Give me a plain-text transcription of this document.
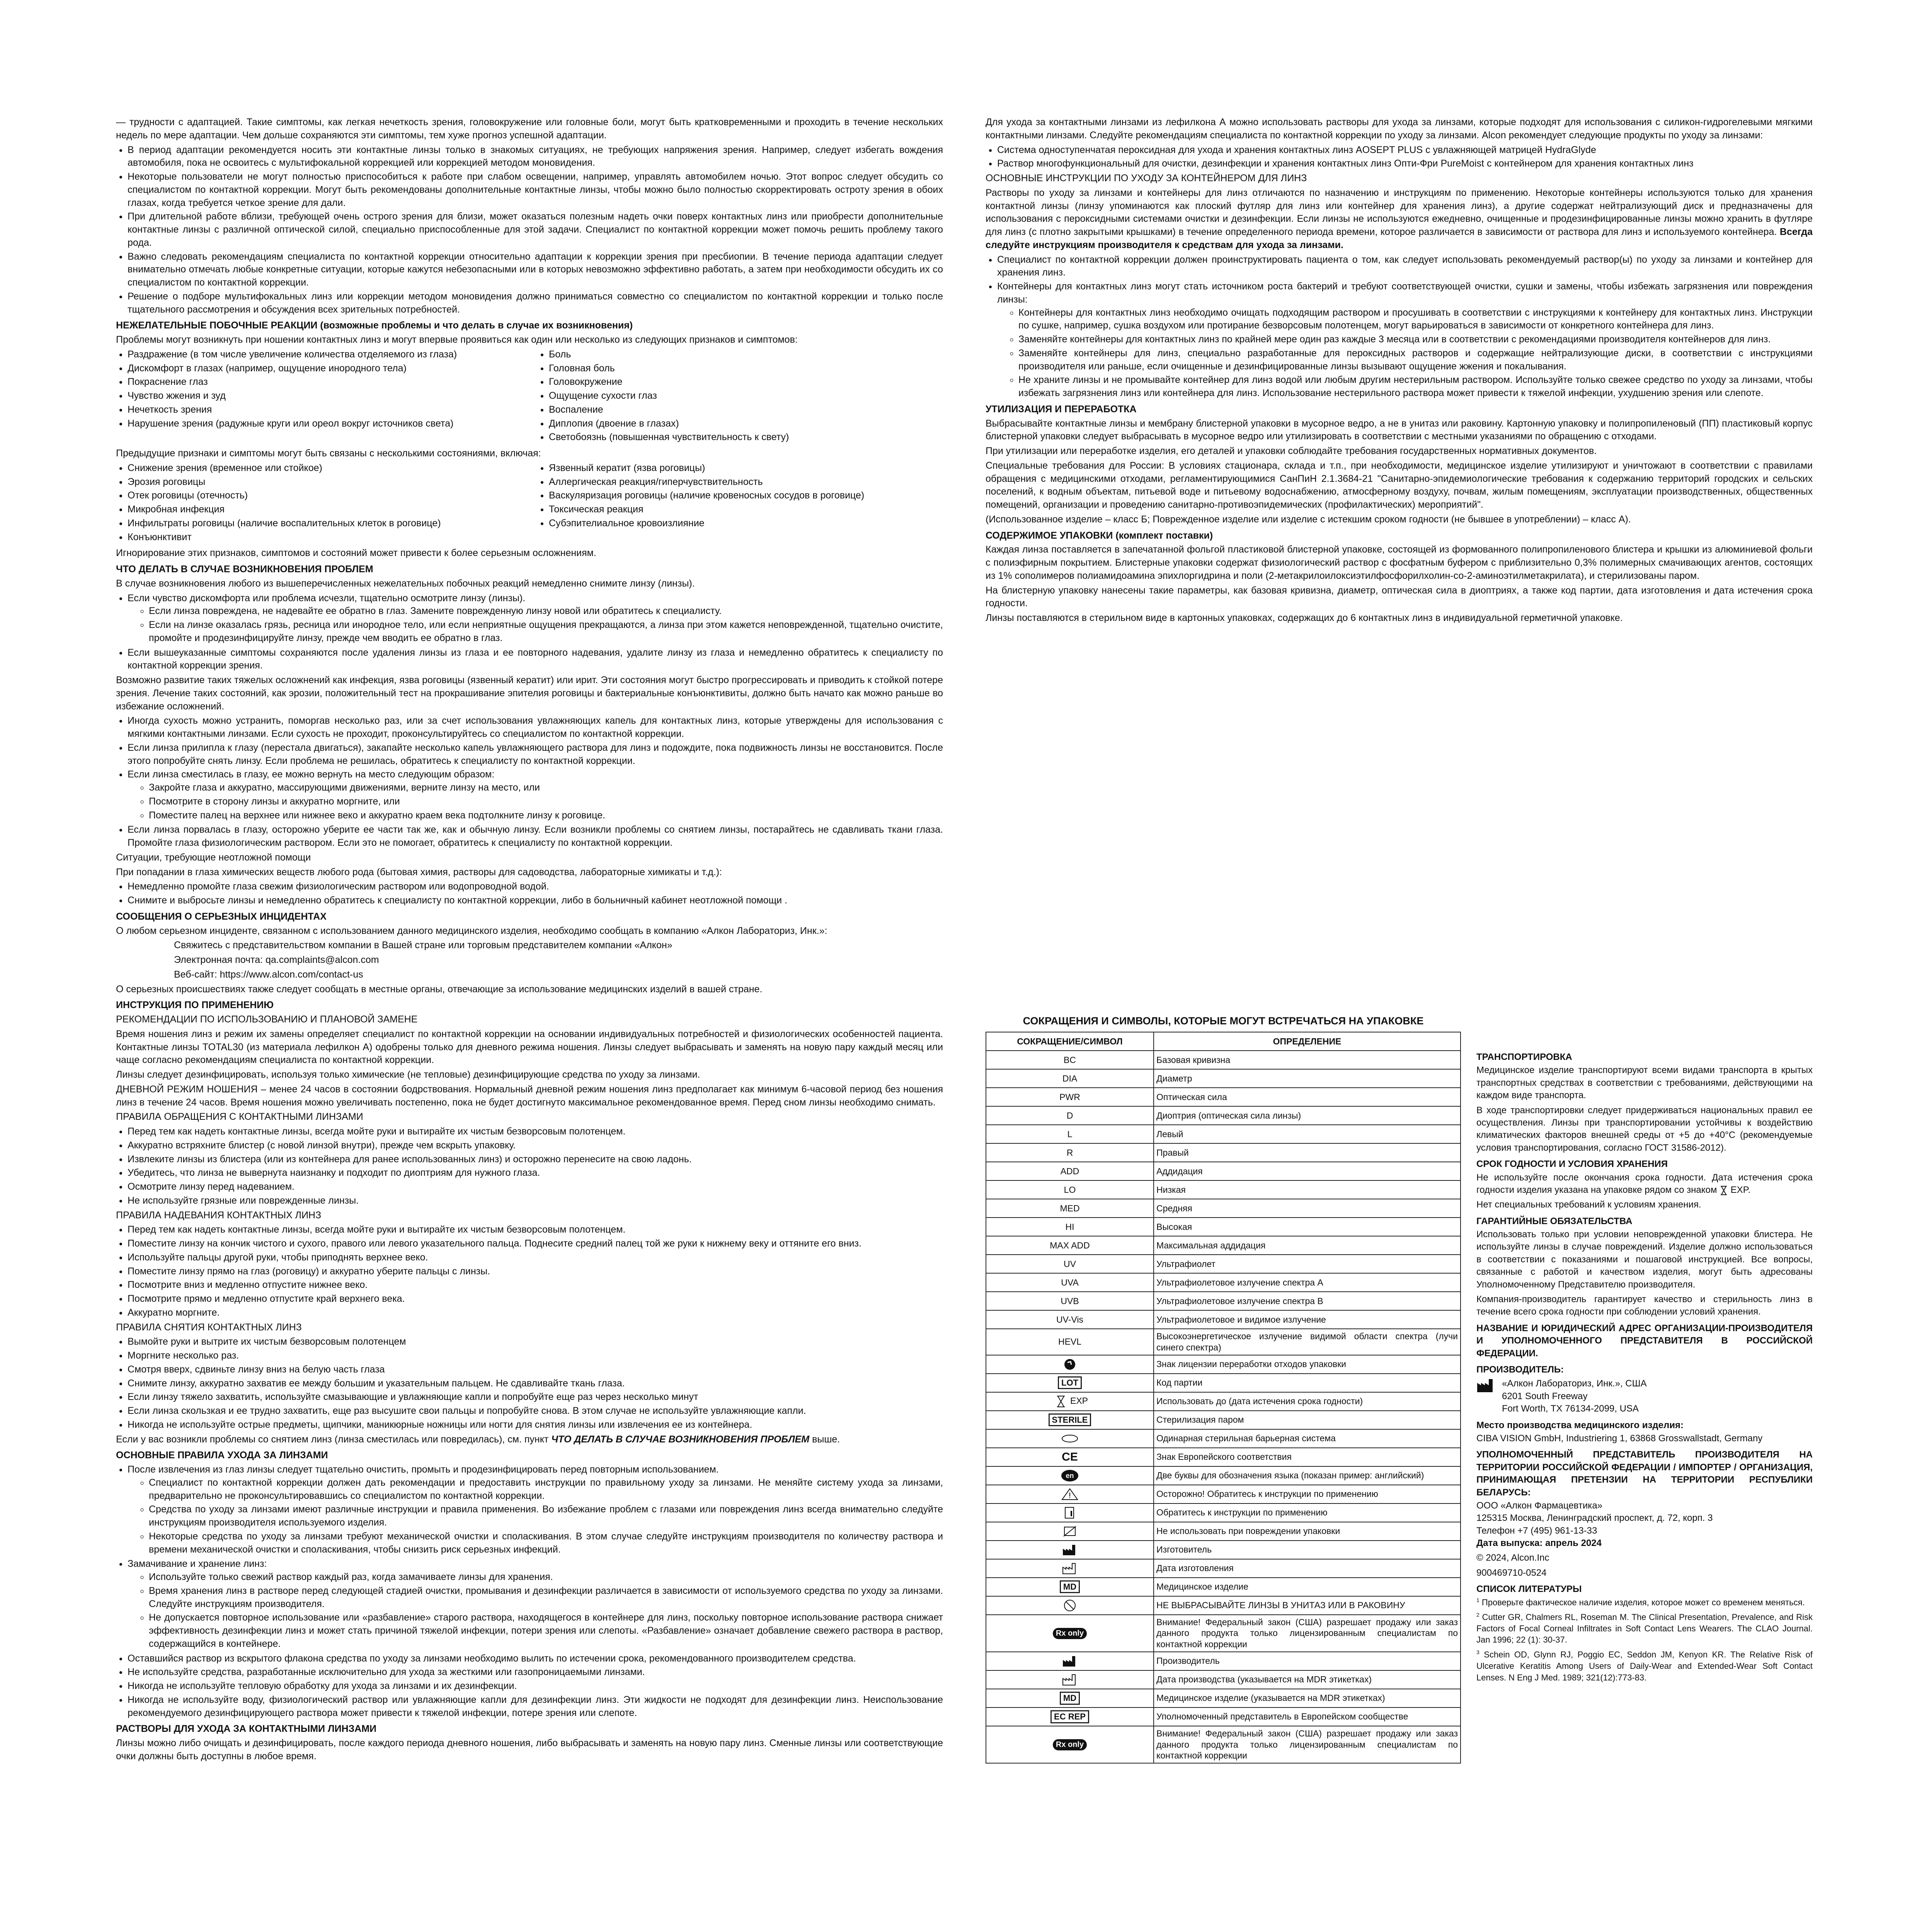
— трудности с адаптацией. Такие симптомы, как легкая нечеткость зрения, головокружение или головные боли, могут быть кратковременными и проходить в течение нескольких недель по мере адаптации. Чем дольше сохраняются эти симптомы, тем хуже прогноз успешной адаптации.

• В период адаптации рекомендуется носить эти контактные линзы только в знакомых ситуациях, не требующих напряжения зрения. Например, следует избегать вождения автомобиля, пока не освоитесь с мультифокальной коррекцией или коррекцией методом моновидения.
• Некоторые пользователи не могут полностью приспособиться к работе при слабом освещении, например, управлять автомобилем ночью. Этот вопрос следует обсудить со специалистом по контактной коррекции. Могут быть рекомендованы дополнительные контактные линзы, чтобы можно было полностью скорректировать остроту зрения в обоих глазах, когда требуется четкое зрение для дали.
• При длительной работе вблизи, требующей очень острого зрения для близи, может оказаться полезным надеть очки поверх контактных линз или приобрести дополнительные контактные линзы с различной оптической силой, специально приспособленные для этой задачи. Специалист по контактной коррекции может помочь решить проблему такого рода.
• Важно следовать рекомендациям специалиста по контактной коррекции относительно адаптации к коррекции зрения при пресбиопии. В течение периода адаптации следует внимательно отмечать любые конкретные ситуации, которые кажутся небезопасными или в которых невозможно эффективно работать, а затем при необходимости обсудить их со специалистом по контактной коррекции.
• Решение о подборе мультифокальных линз или коррекции методом моновидения должно приниматься совместно со специалистом по контактной коррекции и только после тщательного рассмотрения и обсуждения всех зрительных потребностей.
НЕЖЕЛАТЕЛЬНЫЕ ПОБОЧНЫЕ РЕАКЦИИ (возможные проблемы и что делать в случае их возникновения)

Проблемы могут возникнуть при ношении контактных линз и могут впервые проявиться как один или несколько из следующих признаков и симптомов:

• Раздражение (в том числе увеличение количества отделяемого из глаза)
• Дискомфорт в глазах (например, ощущение инородного тела)
• Покраснение глаз
• Чувство жжения и зуд
• Нечеткость зрения
• Нарушение зрения (радужные круги или ореол вокруг источников света)
• Боль
• Головная боль
• Головокружение
• Ощущение сухости глаз
• Воспаление
• Диплопия (двоение в глазах)
• Светобоязнь (повышенная чувствительность к свету)

Предыдущие признаки и симптомы могут быть связаны с несколькими состояниями, включая:

• Снижение зрения (временное или стойкое)
• Эрозия роговицы
• Отек роговицы (отечность)
• Микробная инфекция
• Инфильтраты роговицы (наличие воспалительных клеток в роговице)
• Конъюнктивит
• Язвенный кератит (язва роговицы)
• Аллергическая реакция/гиперчувствительность
• Васкуляризация роговицы (наличие кровеносных сосудов в роговице)
• Токсическая реакция
• Субэпителиальное кровоизлияние

Игнорирование этих признаков, симптомов и состояний может привести к более серьезным осложнениям.

ЧТО ДЕЛАТЬ В СЛУЧАЕ ВОЗНИКНОВЕНИЯ ПРОБЛЕМ

В случае возникновения любого из вышеперечисленных нежелательных побочных реакций немедленно снимите линзу (линзы).

• Если чувство дискомфорта или проблема исчезли, тщательно осмотрите линзу (линзы).
◦ Если линза повреждена, не надевайте ее обратно в глаз. Замените поврежденную линзу новой или обратитесь к специалисту.
◦ Если на линзе оказалась грязь, ресница или инородное тело, или если неприятные ощущения прекращаются, а линза при этом кажется неповрежденной, тщательно очистите, промойте и продезинфицируйте линзу, прежде чем вводить ее обратно в глаз.
• Если вышеуказанные симптомы сохраняются после удаления линзы из глаза и ее повторного надевания, удалите линзу из глаза и немедленно обратитесь к специалисту по контактной коррекции зрения.

Возможно развитие таких тяжелых осложнений как инфекция, язва роговицы (язвенный кератит) или ирит. Эти состояния могут быстро прогрессировать и приводить к стойкой потере зрения. Лечение таких состояний, как эрозии, положительный тест на прокрашивание эпителия роговицы и бактериальные конъюнктивиты, должно быть начато как можно раньше во избежание осложнений.

• Иногда сухость можно устранить, поморгав несколько раз, или за счет использования увлажняющих капель для контактных линз, которые утверждены для использования с мягкими контактными линзами. Если сухость не проходит, проконсультируйтесь со специалистом по контактной коррекции.
• Если линза прилипла к глазу (перестала двигаться), закапайте несколько капель увлажняющего раствора для линз и подождите, пока подвижность линзы не восстановится. После этого попробуйте снять линзу. Если проблема не решилась, обратитесь к специалисту по контактной коррекции.
• Если линза сместилась в глазу, ее можно вернуть на место следующим образом:
◦ Закройте глаза и аккуратно, массирующими движениями, верните линзу на место, или
◦ Посмотрите в сторону линзы и аккуратно моргните, или
◦ Поместите палец на верхнее или нижнее веко и аккуратно краем века подтолкните линзу к роговице.
• Если линза порвалась в глазу, осторожно уберите ее части так же, как и обычную линзу. Если возникли проблемы со снятием линзы, постарайтесь не сдавливать ткани глаза. Промойте глаза физиологическим раствором. Если это не помогает, обратитесь к специалисту по контактной коррекции.

Ситуации, требующие неотложной помощи

При попадании в глаза химических веществ любого рода (бытовая химия, растворы для садоводства, лабораторные химикаты и т.д.):

• Немедленно промойте глаза свежим физиологическим раствором или водопроводной водой.
• Снимите и выбросьте линзы и немедленно обратитесь к специалисту по контактной коррекции, либо в больничный кабинет неотложной помощи .
СООБЩЕНИЯ О СЕРЬЕЗНЫХ ИНЦИДЕНТАХ

О любом серьезном инциденте, связанном с использованием данного медицинского изделия, необходимо сообщать в компанию «Алкон Лабораториз, Инк.»:

Свяжитесь с представительством компании в Вашей стране или торговым представителем компании «Алкон»

Электронная почта: qa.complaints@alcon.com

Веб-сайт: https://www.alcon.com/contact-us

О серьезных происшествиях также следует сообщать в местные органы, отвечающие за использование медицинских изделий в вашей стране.

ИНСТРУКЦИЯ ПО ПРИМЕНЕНИЮ

РЕКОМЕНДАЦИИ ПО ИСПОЛЬЗОВАНИЮ И ПЛАНОВОЙ ЗАМЕНЕ

Время ношения линз и режим их замены определяет специалист по контактной коррекции на основании индивидуальных потребностей и физиологических особенностей пациента. Контактные линзы TOTAL30 (из материала лефилкон А) одобрены только для дневного режима ношения. Линзы следует выбрасывать и заменять на новую пару каждый месяц или чаще согласно рекомендациям специалиста по контактной коррекции.

Линзы следует дезинфицировать, используя только химические (не тепловые) дезинфицирующие средства по уходу за линзами.

ДНЕВНОЙ РЕЖИМ НОШЕНИЯ – менее 24 часов в состоянии бодрствования. Нормальный дневной режим ношения линз предполагает как минимум 6-часовой период без ношения линз в течение 24 часов. Время ношения можно увеличивать постепенно, пока не будет достигнуто максимальное рекомендованное время. Перед сном линзы необходимо снимать.

ПРАВИЛА ОБРАЩЕНИЯ С КОНТАКТНЫМИ ЛИНЗАМИ

• Перед тем как надеть контактные линзы, всегда мойте руки и вытирайте их чистым безворсовым полотенцем.
• Аккуратно встряхните блистер (с новой линзой внутри), прежде чем вскрыть упаковку.
• Извлеките линзы из блистера (или из контейнера для ранее использованных линз) и осторожно перенесите на свою ладонь.
• Убедитесь, что линза не вывернута наизнанку и подходит по диоптриям для нужного глаза.
• Осмотрите линзу перед надеванием.
• Не используйте грязные или поврежденные линзы.

ПРАВИЛА НАДЕВАНИЯ КОНТАКТНЫХ ЛИНЗ

• Перед тем как надеть контактные линзы, всегда мойте руки и вытирайте их чистым безворсовым полотенцем.
• Поместите линзу на кончик чистого и сухого, правого или левого указательного пальца. Поднесите средний палец той же руки к нижнему веку и оттяните его вниз.
• Используйте пальцы другой руки, чтобы приподнять верхнее веко.
• Поместите линзу прямо на глаз (роговицу) и аккуратно уберите пальцы с линзы.
• Посмотрите вниз и медленно отпустите нижнее веко.
• Посмотрите прямо и медленно отпустите край верхнего века.
• Аккуратно моргните.

ПРАВИЛА СНЯТИЯ КОНТАКТНЫХ ЛИНЗ

• Вымойте руки и вытрите их чистым безворсовым полотенцем
• Моргните несколько раз.
• Смотря вверх, сдвиньте линзу вниз на белую часть глаза
• Снимите линзу, аккуратно захватив ее между большим и указательным пальцем. Не сдавливайте ткань глаза.
• Если линзу тяжело захватить, используйте смазывающие и увлажняющие капли и попробуйте еще раз через несколько минут
• Если линза скользкая и ее трудно захватить, еще раз высушите свои пальцы и попробуйте снова. В этом случае не используйте увлажняющие капли.
• Никогда не используйте острые предметы, щипчики, маникюрные ножницы или ногти для снятия линзы или извлечения ее из контейнера.

Если у вас возникли проблемы со снятием линз (линза сместилась или повредилась), см. пункт ЧТО ДЕЛАТЬ В СЛУЧАЕ ВОЗНИКНОВЕНИЯ ПРОБЛЕМ выше.

ОСНОВНЫЕ ПРАВИЛА УХОДА ЗА ЛИНЗАМИ
• После извлечения из глаз линзы следует тщательно очистить, промыть и продезинфицировать перед повторным использованием.
◦ Специалист по контактной коррекции должен дать рекомендации и предоставить инструкции по правильному уходу за линзами. Не меняйте систему ухода за линзами, предварительно не проконсультировавшись со специалистом по контактной коррекции.
◦ Средства по уходу за линзами имеют различные инструкции и правила применения. Во избежание проблем с глазами или повреждения линз всегда внимательно следуйте инструкциям производителя используемого изделия.
◦ Некоторые средства по уходу за линзами требуют механической очистки и споласкивания. В этом случае следуйте инструкциям производителя по количеству раствора и времени механической очистки и споласкивания, чтобы снизить риск серьезных инфекций.
• Замачивание и хранение линз:
◦ Используйте только свежий раствор каждый раз, когда замачиваете линзы для хранения.
◦ Время хранения линз в растворе перед следующей стадией очистки, промывания и дезинфекции различается в зависимости от используемого средства по уходу за линзами. Следуйте инструкциям производителя.
◦ Не допускается повторное использование или «разбавление» старого раствора, находящегося в контейнере для линз, поскольку повторное использование раствора снижает эффективность дезинфекции линз и может стать причиной тяжелой инфекции, потери зрения или слепоты. «Разбавление» означает добавление свежего раствора в раствор, содержащийся в контейнере.
• Оставшийся раствор из вскрытого флакона средства по уходу за линзами необходимо вылить по истечении срока, рекомендованного производителем средства.
• Не используйте средства, разработанные исключительно для ухода за жесткими или газопроницаемыми линзами.
• Никогда не используйте тепловую обработку для ухода за линзами и их дезинфекции.
• Никогда не используйте воду, физиологический раствор или увлажняющие капли для дезинфекции линз. Эти жидкости не подходят для дезинфекции линз. Неиспользование рекомендуемого дезинфицирующего раствора может привести к тяжелой инфекции, потере зрения или слепоте.
РАСТВОРЫ ДЛЯ УХОДА ЗА КОНТАКТНЫМИ ЛИНЗАМИ

Линзы можно либо очищать и дезинфицировать, после каждого периода дневного ношения, либо выбрасывать и заменять на новую пару линз. Сменные линзы или соответствующие очки должны быть доступны в любое время.

Для ухода за контактными линзами из лефилкона А можно использовать растворы для ухода за линзами, которые подходят для использования с силикон-гидрогелевыми мягкими контактными линзами. Следуйте рекомендациям специалиста по контактной коррекции по уходу за линзами. Alcon рекомендует следующие продукты по уходу за линзами:

• Система одноступенчатая пероксидная для ухода и хранения контактных линз AOSEPT PLUS с увлажняющей матрицей HydraGlyde
• Раствор многофункциональный для очистки, дезинфекции и хранения контактных линз Опти-Фри PureMoist с контейнером для хранения контактных линз

ОСНОВНЫЕ ИНСТРУКЦИИ ПО УХОДУ ЗА КОНТЕЙНЕРОМ ДЛЯ ЛИНЗ

Растворы по уходу за линзами и контейнеры для линз отличаются по назначению и инструкциям по применению. Некоторые контейнеры используются только для хранения контактной линзы (линзу упоминаются как плоский футляр для линз или контейнер для хранения линз), а другие содержат нейтрализующий диск и предназначены для использования с пероксидными системами очистки и дезинфекции. Если линзы не используются ежедневно, очищенные и продезинфицированные линзы можно хранить в футляре для линз (с плотно закрытыми крышками) в течение определенного периода времени, которое различается в зависимости от раствора для линз и используемого контейнера. Всегда следуйте инструкциям производителя к средствам для ухода за линзами.

• Специалист по контактной коррекции должен проинструктировать пациента о том, как следует использовать рекомендуемый раствор(ы) по уходу за линзами и контейнер для хранения линз.
• Контейнеры для контактных линз могут стать источником роста бактерий и требуют соответствующей очистки, сушки и замены, чтобы избежать загрязнения или повреждения линзы:
◦ Контейнеры для контактных линз необходимо очищать подходящим раствором и просушивать в соответствии с инструкциями к контейнеру для контактных линз. Инструкции по сушке, например, сушка воздухом или протирание безворсовым полотенцем, могут варьироваться в зависимости от конкретного контейнера для линз.
◦ Заменяйте контейнеры для контактных линз по крайней мере один раз каждые 3 месяца или в соответствии с рекомендациями производителя контейнеров для линз.
◦ Заменяйте контейнеры для линз, специально разработанные для пероксидных растворов и содержащие нейтрализующие диски, в соответствии с инструкциями производителя или раньше, если очищенные и дезинфицированные линзы вызывают ощущение жжения и покалывания.
◦ Не храните линзы и не промывайте контейнер для линз водой или любым другим нестерильным раствором. Используйте только свежее средство по уходу за линзами, чтобы избежать загрязнения линз или контейнера для линз. Использование нестерильного раствора может привести к тяжелой инфекции, ухудшению зрения или слепоте.
УТИЛИЗАЦИЯ И ПЕРЕРАБОТКА

Выбрасывайте контактные линзы и мембрану блистерной упаковки в мусорное ведро, а не в унитаз или раковину. Картонную упаковку и полипропиленовый (ПП) пластиковый корпус блистерной упаковки следует выбрасывать в мусорное ведро или утилизировать в соответствии с местными указаниями по обращению с отходами.

При утилизации или переработке изделия, его деталей и упаковки соблюдайте требования государственных нормативных документов.

Специальные требования для России: В условиях стационара, склада и т.п., при необходимости, медицинское изделие утилизируют и уничтожают в соответствии с правилами обращения с медицинскими отходами, регламентирующимися СанПиН 2.1.3684-21 "Санитарно-эпидемиологические требования к содержанию территорий городских и сельских поселений, к водным объектам, питьевой воде и питьевому водоснабжению, атмосферному воздуху, почвам, жилым помещениям, эксплуатации производственных, общественных помещений, организации и проведению санитарно-противоэпидемических (профилактических) мероприятий".

(Использованное изделие – класс Б; Поврежденное изделие или изделие с истекшим сроком годности (не бывшее в употреблении) – класс А).

СОДЕРЖИМОЕ УПАКОВКИ (комплект поставки)

Каждая линза поставляется в запечатанной фольгой пластиковой блистерной упаковке, состоящей из формованного полипропиленового блистера и крышки из алюминиевой фольги с полиэфирным покрытием. Блистерные упаковки содержат физиологический раствор с фосфатным буфером с приблизительно 0,3% полимерных смачивающих агентов, состоящих из 1% сополимеров полиамидоамина эпихлоргидрина и поли (2-метакрилоилоксиэтилфосфорилхолин-со-2-аминоэтилметакрилата), и стерилизованы паром.

На блистерную упаковку нанесены такие параметры, как базовая кривизна, диаметр, оптическая сила в диоптриях, а также код партии, дата изготовления и дата истечения срока годности.

Линзы поставляются в стерильном виде в картонных упаковках, содержащих до 6 контактных линз в индивидуальной герметичной упаковке.

СОКРАЩЕНИЯ И СИМВОЛЫ, КОТОРЫЕ МОГУТ ВСТРЕЧАТЬСЯ НА УПАКОВКЕ
СОКРАЩЕНИЕ/СИМВОЛ	ОПРЕДЕЛЕНИЕ
BC	Базовая кривизна
DIA	Диаметр
PWR	Оптическая сила
D	Диоптрия (оптическая сила линзы)
L	Левый
R	Правый
ADD	Аддидация
LO	Низкая
MED	Средняя
HI	Высокая
MAX ADD	Максимальная аддидация
UV	Ультрафиолет
UVA	Ультрафиолетовое излучение спектра А
UVB	Ультрафиолетовое излучение спектра В
UV-Vis	Ультрафиолетовое и видимое излучение
HEVL	Высокоэнергетическое излучение видимой области спектра (лучи синего спектра)
	Знак лицензии переработки отходов упаковки
LOT	Код партии
EXP	Использовать до (дата истечения срока годности)
STERILE	Стерилизация паром
	Одинарная стерильная барьерная система
CE	Знак Европейского соответствия
en	Две буквы для обозначения языка (показан пример: английский)
	Осторожно! Обратитесь к инструкции по применению
	Обратитесь к инструкции по применению
	Не использовать при повреждении упаковки
	Изготовитель
	Дата изготовления
MD	Медицинское изделие
	НЕ ВЫБРАСЫВАЙТЕ ЛИНЗЫ В УНИТАЗ ИЛИ В РАКОВИНУ
Rx only	Внимание! Федеральный закон (США) разрешает продажу или заказ данного продукта только лицензированным специалистам по контактной коррекции
	Производитель
	Дата производства (указывается на MDR этикетках)
MD	Медицинское изделие (указывается на MDR этикетках)
EC REP	Уполномоченный представитель в Европейском сообществе
Rx only	Внимание! Федеральный закон (США) разрешает продажу или заказ данного продукта только лицензированным специалистам по контактной коррекции
ТРАНСПОРТИРОВКА

Медицинское изделие транспортируют всеми видами транспорта в крытых транспортных средствах в соответствии с требованиями, действующими на каждом виде транспорта.

В ходе транспортировки следует придерживаться национальных правил ее осуществления. Линзы при транспортировании устойчивы к воздействию климатических факторов внешней среды от +5 до +40°С (рекомендуемые условия транспортирования, согласно ГОСТ 31586-2012).

СРОК ГОДНОСТИ И УСЛОВИЯ ХРАНЕНИЯ

Не используйте после окончания срока годности. Дата истечения срока годности изделия указана на упаковке рядом со знаком EXP.

Нет специальных требований к условиям хранения.

ГАРАНТИЙНЫЕ ОБЯЗАТЕЛЬСТВА

Использовать только при условии неповрежденной упаковки блистера. Не используйте линзы в случае повреждений. Изделие должно использоваться в соответствии с показаниями и пошаговой инструкцией. Все вопросы, связанные с работой и качеством изделия, могут быть адресованы Уполномоченному Представителю производителя.

Компания-производитель гарантирует качество и стерильность линз в течение всего срока годности при соблюдении условий хранения.

НАЗВАНИЕ И ЮРИДИЧЕСКИЙ АДРЕС ОРГАНИЗАЦИИ-ПРОИЗВОДИТЕЛЯ И УПОЛНОМОЧЕННОГО ПРЕДСТАВИТЕЛЯ В РОССИЙСКОЙ ФЕДЕРАЦИИ.
ПРОИЗВОДИТЕЛЬ:
«Алкон Лабораториз, Инк.», США
6201 South Freeway
Fort Worth, TX 76134-2099, USA
Место производства медицинского изделия:

CIBA VISION GmbH, Industriering 1, 63868 Grosswallstadt, Germany

УПОЛНОМОЧЕННЫЙ ПРЕДСТАВИТЕЛЬ ПРОИЗВОДИТЕЛЯ НА ТЕРРИТОРИИ РОССИЙСКОЙ ФЕДЕРАЦИИ / ИМПОРТЕР / ОРГАНИЗАЦИЯ, ПРИНИМАЮЩАЯ ПРЕТЕНЗИИ НА ТЕРРИТОРИИ РЕСПУБЛИКИ БЕЛАРУСЬ:
ООО «Алкон Фармацевтика»
125315 Москва, Ленинградский проспект, д. 72, корп. 3
Телефон +7 (495) 961-13-33

Дата выпуска: апрель 2024

© 2024, Alcon.Inc

900469710-0524

СПИСОК ЛИТЕРАТУРЫ

$^1$ Проверьте фактическое наличие изделия, которое может со временем меняться.

$^2$ Cutter GR, Chalmers RL, Roseman M. The Clinical Presentation, Prevalence, and Risk Factors of Focal Corneal Infiltrates in Soft Contact Lens Wearers. The CLAO Journal. Jan 1996; 22 (1): 30-37.

$^3$ Schein OD, Glynn RJ, Poggio EC, Seddon JM, Kenyon KR. The Relative Risk of Ulcerative Keratitis Among Users of Daily-Wear and Extended-Wear Soft Contact Lenses. N Eng J Med. 1989; 321(12):773-83.
